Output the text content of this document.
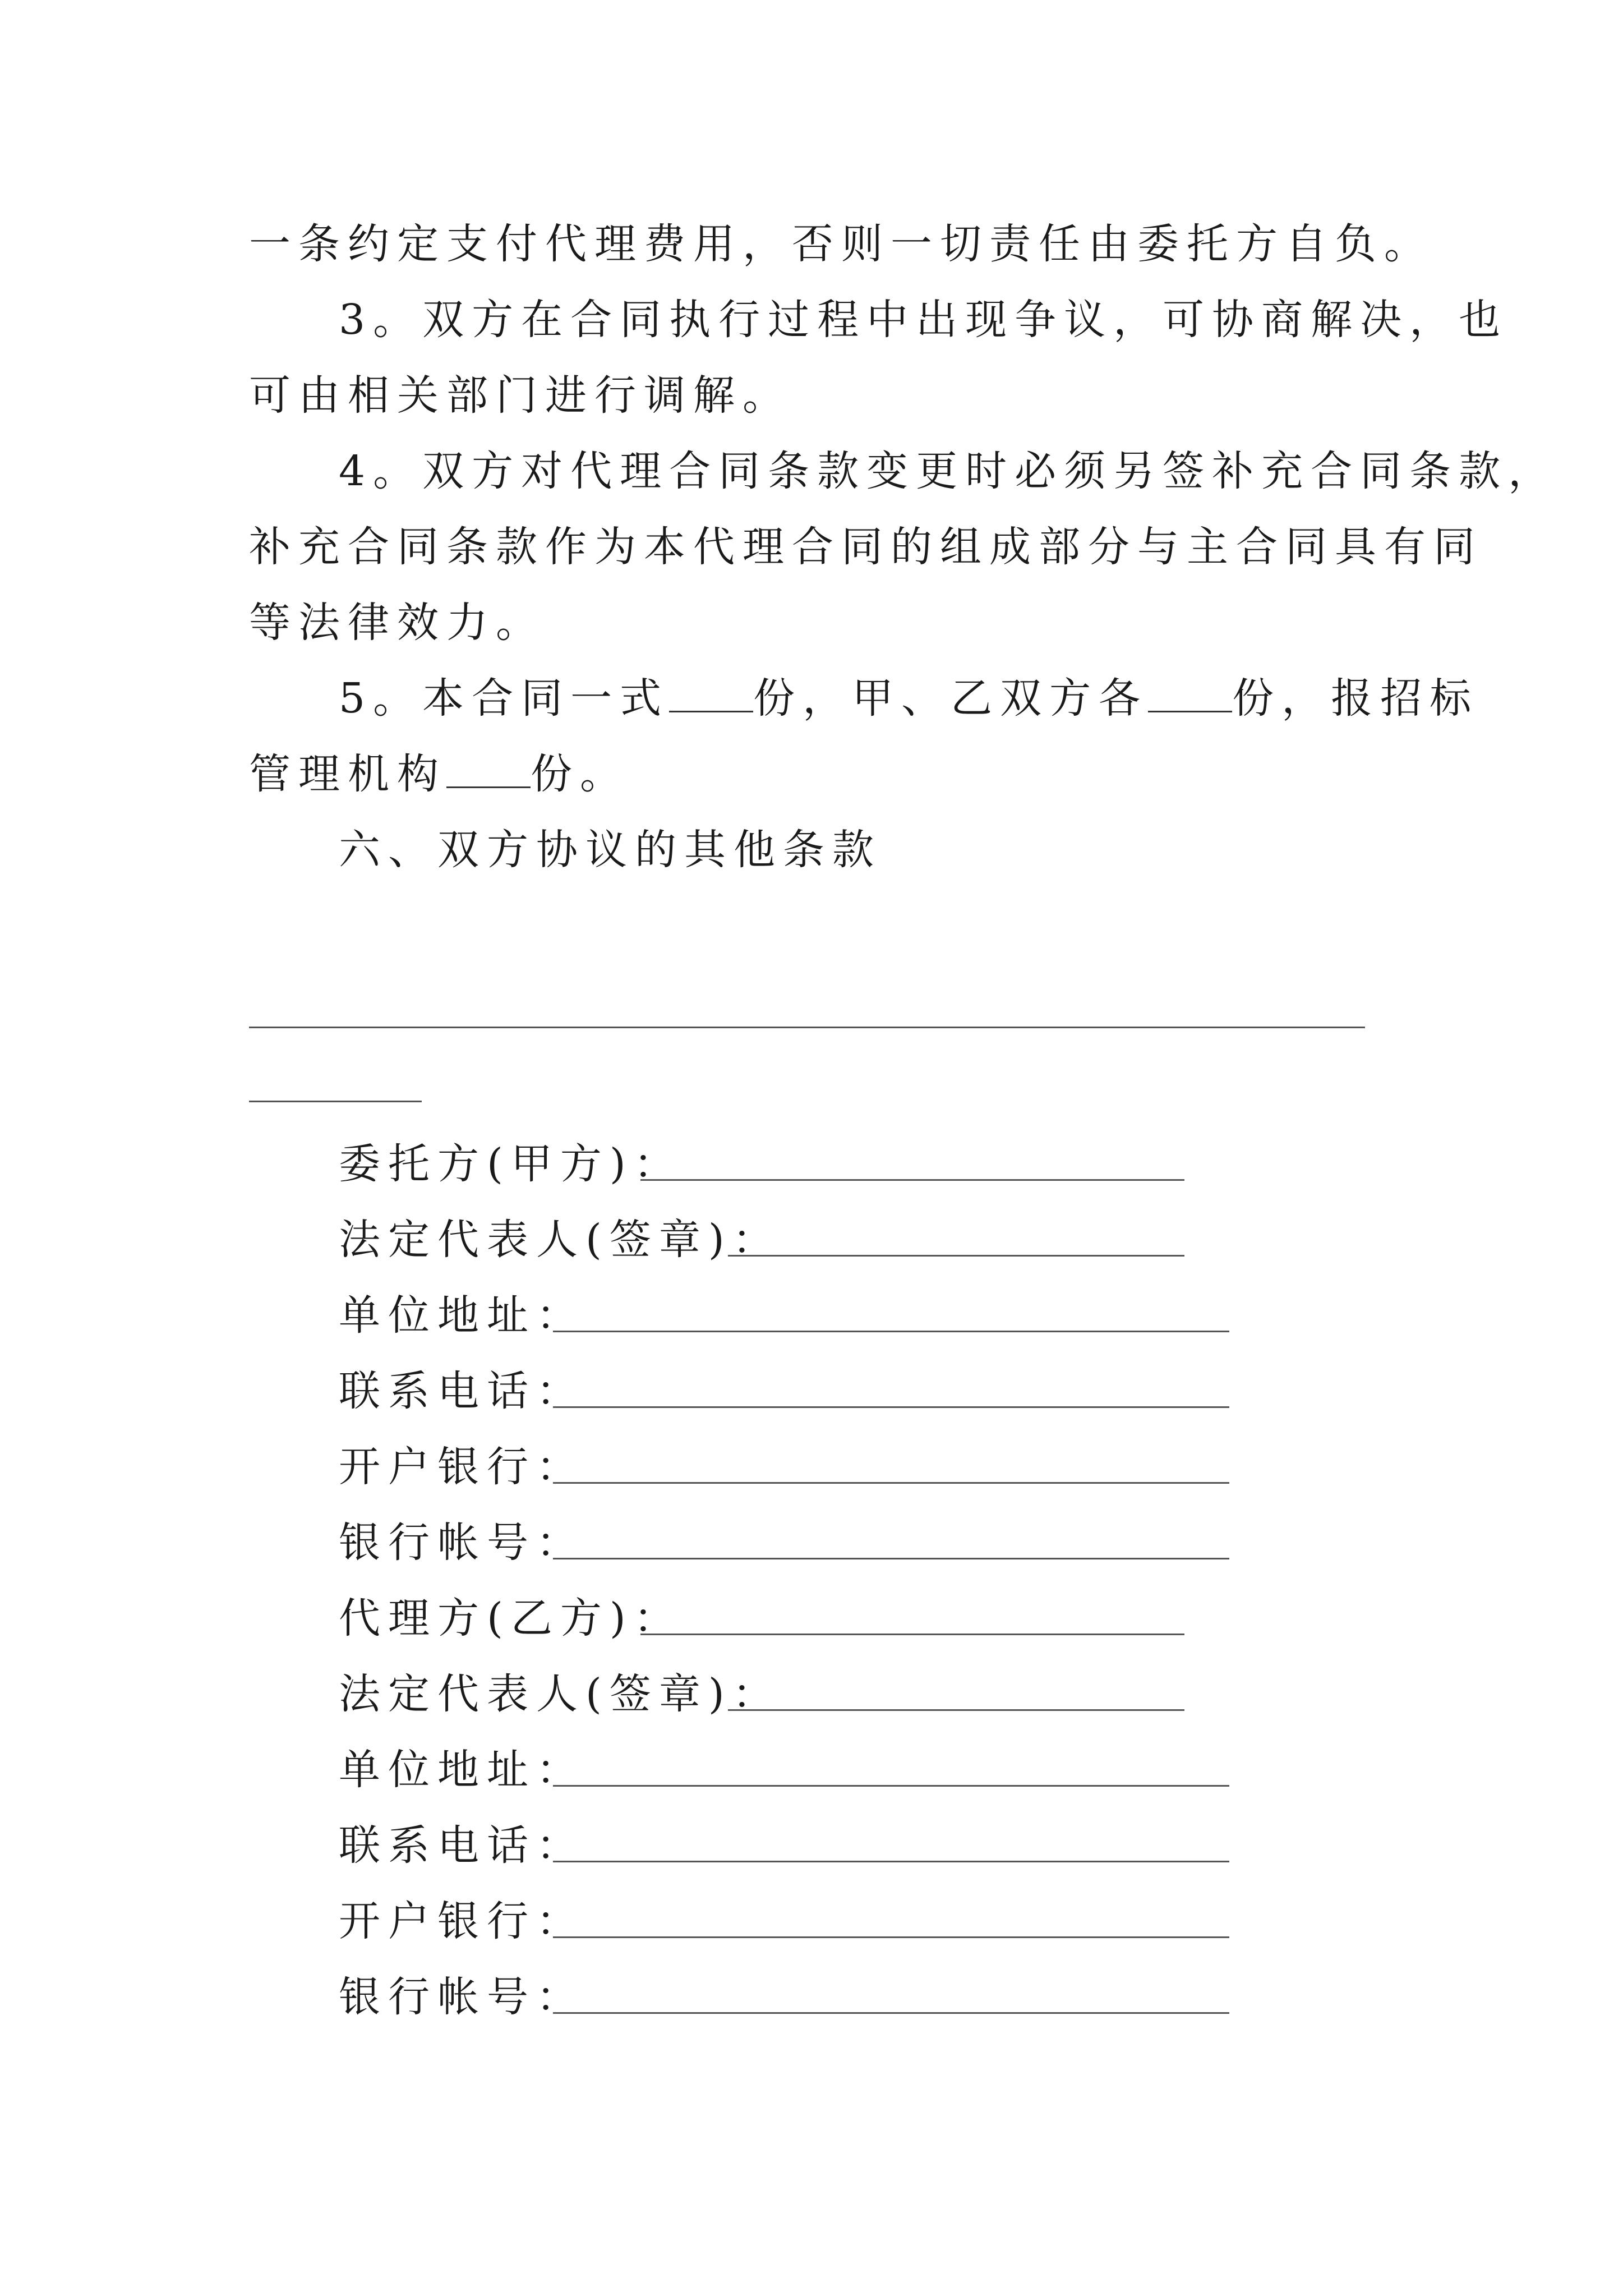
一条约定支付代理费用，否则一切责任由委托方自负。
3。双方在合同执行过程中出现争议，可协商解决，也
可由相关部门进行调解。
4。双方对代理合同条款变更时必须另签补充合同条款，
补充合同条款作为本代理合同的组成部分与主合同具有同
等法律效力。
5。本合同一式 份，甲、乙双方各 份，报招标
管理机构 份。
六、双方协议的其他条款
委托方(甲方)：
法定代表人(签章)：
单位地址：
联系电话：
开户银行：
银行帐号：
代理方(乙方)：
法定代表人(签章)：
单位地址：
联系电话：
开户银行：
银行帐号：
